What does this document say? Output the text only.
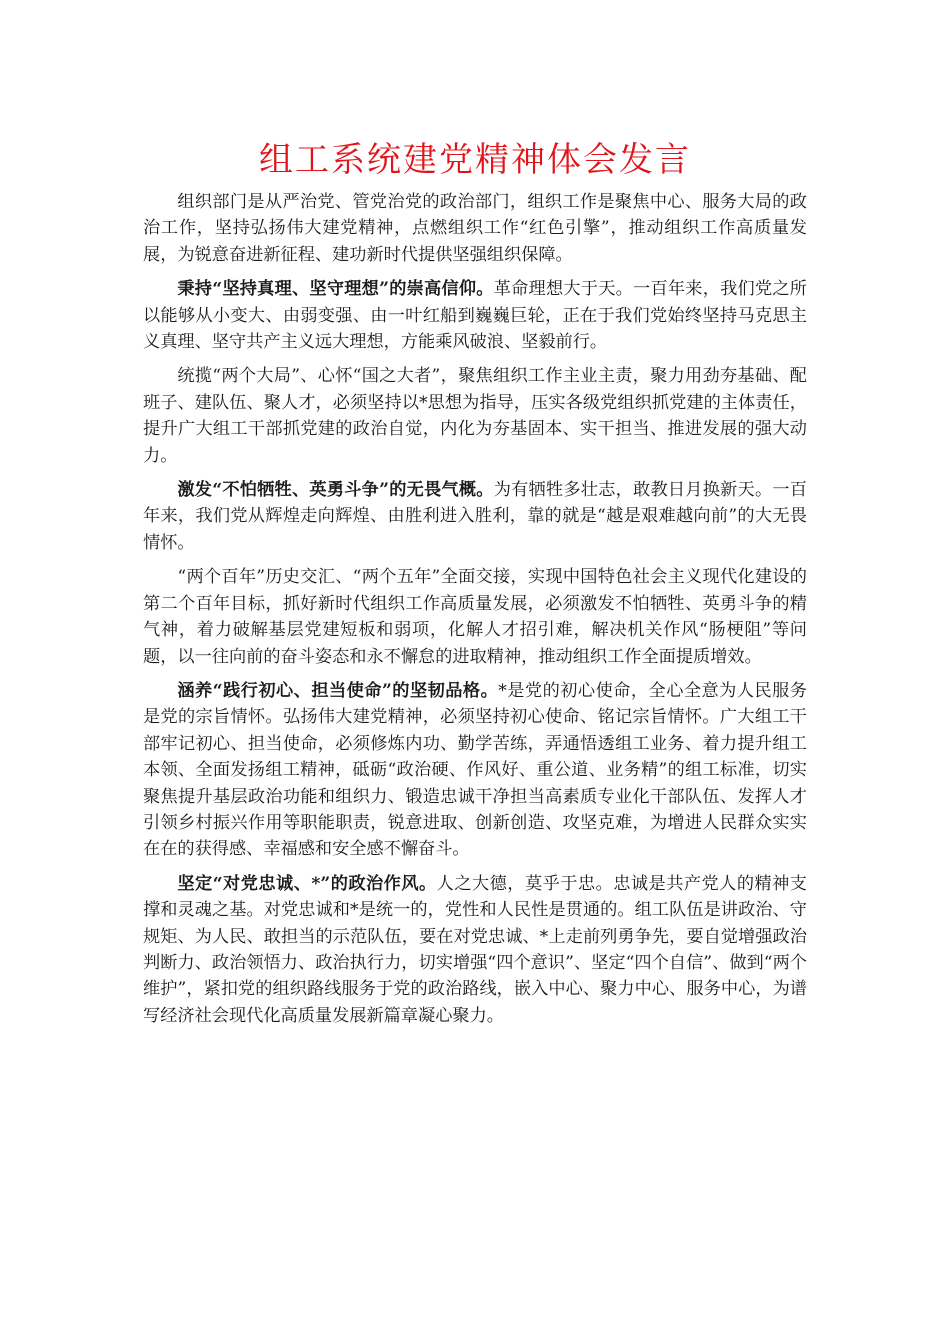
组工系统建党精神体会发言

组织部门是从严治党、管党治党的政治部门，组织工作是聚焦中心、服务大局的政治工作，坚持弘扬伟大建党精神，点燃组织工作“红色引擎”，推动组织工作高质量发展，为锐意奋进新征程、建功新时代提供坚强组织保障。

秉持“坚持真理、坚守理想”的崇高信仰。革命理想大于天。一百年来，我们党之所以能够从小变大、由弱变强、由一叶红船到巍巍巨轮，正在于我们党始终坚持马克思主义真理、坚守共产主义远大理想，方能乘风破浪、坚毅前行。

统揽“两个大局”、心怀“国之大者”，聚焦组织工作主业主责，聚力用劲夯基础、配班子、建队伍、聚人才，必须坚持以*思想为指导，压实各级党组织抓党建的主体责任，提升广大组工干部抓党建的政治自觉，内化为夯基固本、实干担当、推进发展的强大动力。

激发“不怕牺牲、英勇斗争”的无畏气概。为有牺牲多壮志，敢教日月换新天。一百年来，我们党从辉煌走向辉煌、由胜利进入胜利，靠的就是“越是艰难越向前”的大无畏情怀。

“两个百年”历史交汇、“两个五年”全面交接，实现中国特色社会主义现代化建设的第二个百年目标，抓好新时代组织工作高质量发展，必须激发不怕牺牲、英勇斗争的精气神，着力破解基层党建短板和弱项，化解人才招引难，解决机关作风“肠梗阻”等问题，以一往向前的奋斗姿态和永不懈怠的进取精神，推动组织工作全面提质增效。

涵养“践行初心、担当使命”的坚韧品格。*是党的初心使命，全心全意为人民服务是党的宗旨情怀。弘扬伟大建党精神，必须坚持初心使命、铭记宗旨情怀。广大组工干部牢记初心、担当使命，必须修炼内功、勤学苦练，弄通悟透组工业务、着力提升组工本领、全面发扬组工精神，砥砺“政治硬、作风好、重公道、业务精”的组工标准，切实聚焦提升基层政治功能和组织力、锻造忠诚干净担当高素质专业化干部队伍、发挥人才引领乡村振兴作用等职能职责，锐意进取、创新创造、攻坚克难，为增进人民群众实实在在的获得感、幸福感和安全感不懈奋斗。

坚定“对党忠诚、*”的政治作风。人之大德，莫乎于忠。忠诚是共产党人的精神支撑和灵魂之基。对党忠诚和*是统一的，党性和人民性是贯通的。组工队伍是讲政治、守规矩、为人民、敢担当的示范队伍，要在对党忠诚、*上走前列勇争先，要自觉增强政治判断力、政治领悟力、政治执行力，切实增强“四个意识”、坚定“四个自信”、做到“两个维护”，紧扣党的组织路线服务于党的政治路线，嵌入中心、聚力中心、服务中心，为谱写经济社会现代化高质量发展新篇章凝心聚力。
